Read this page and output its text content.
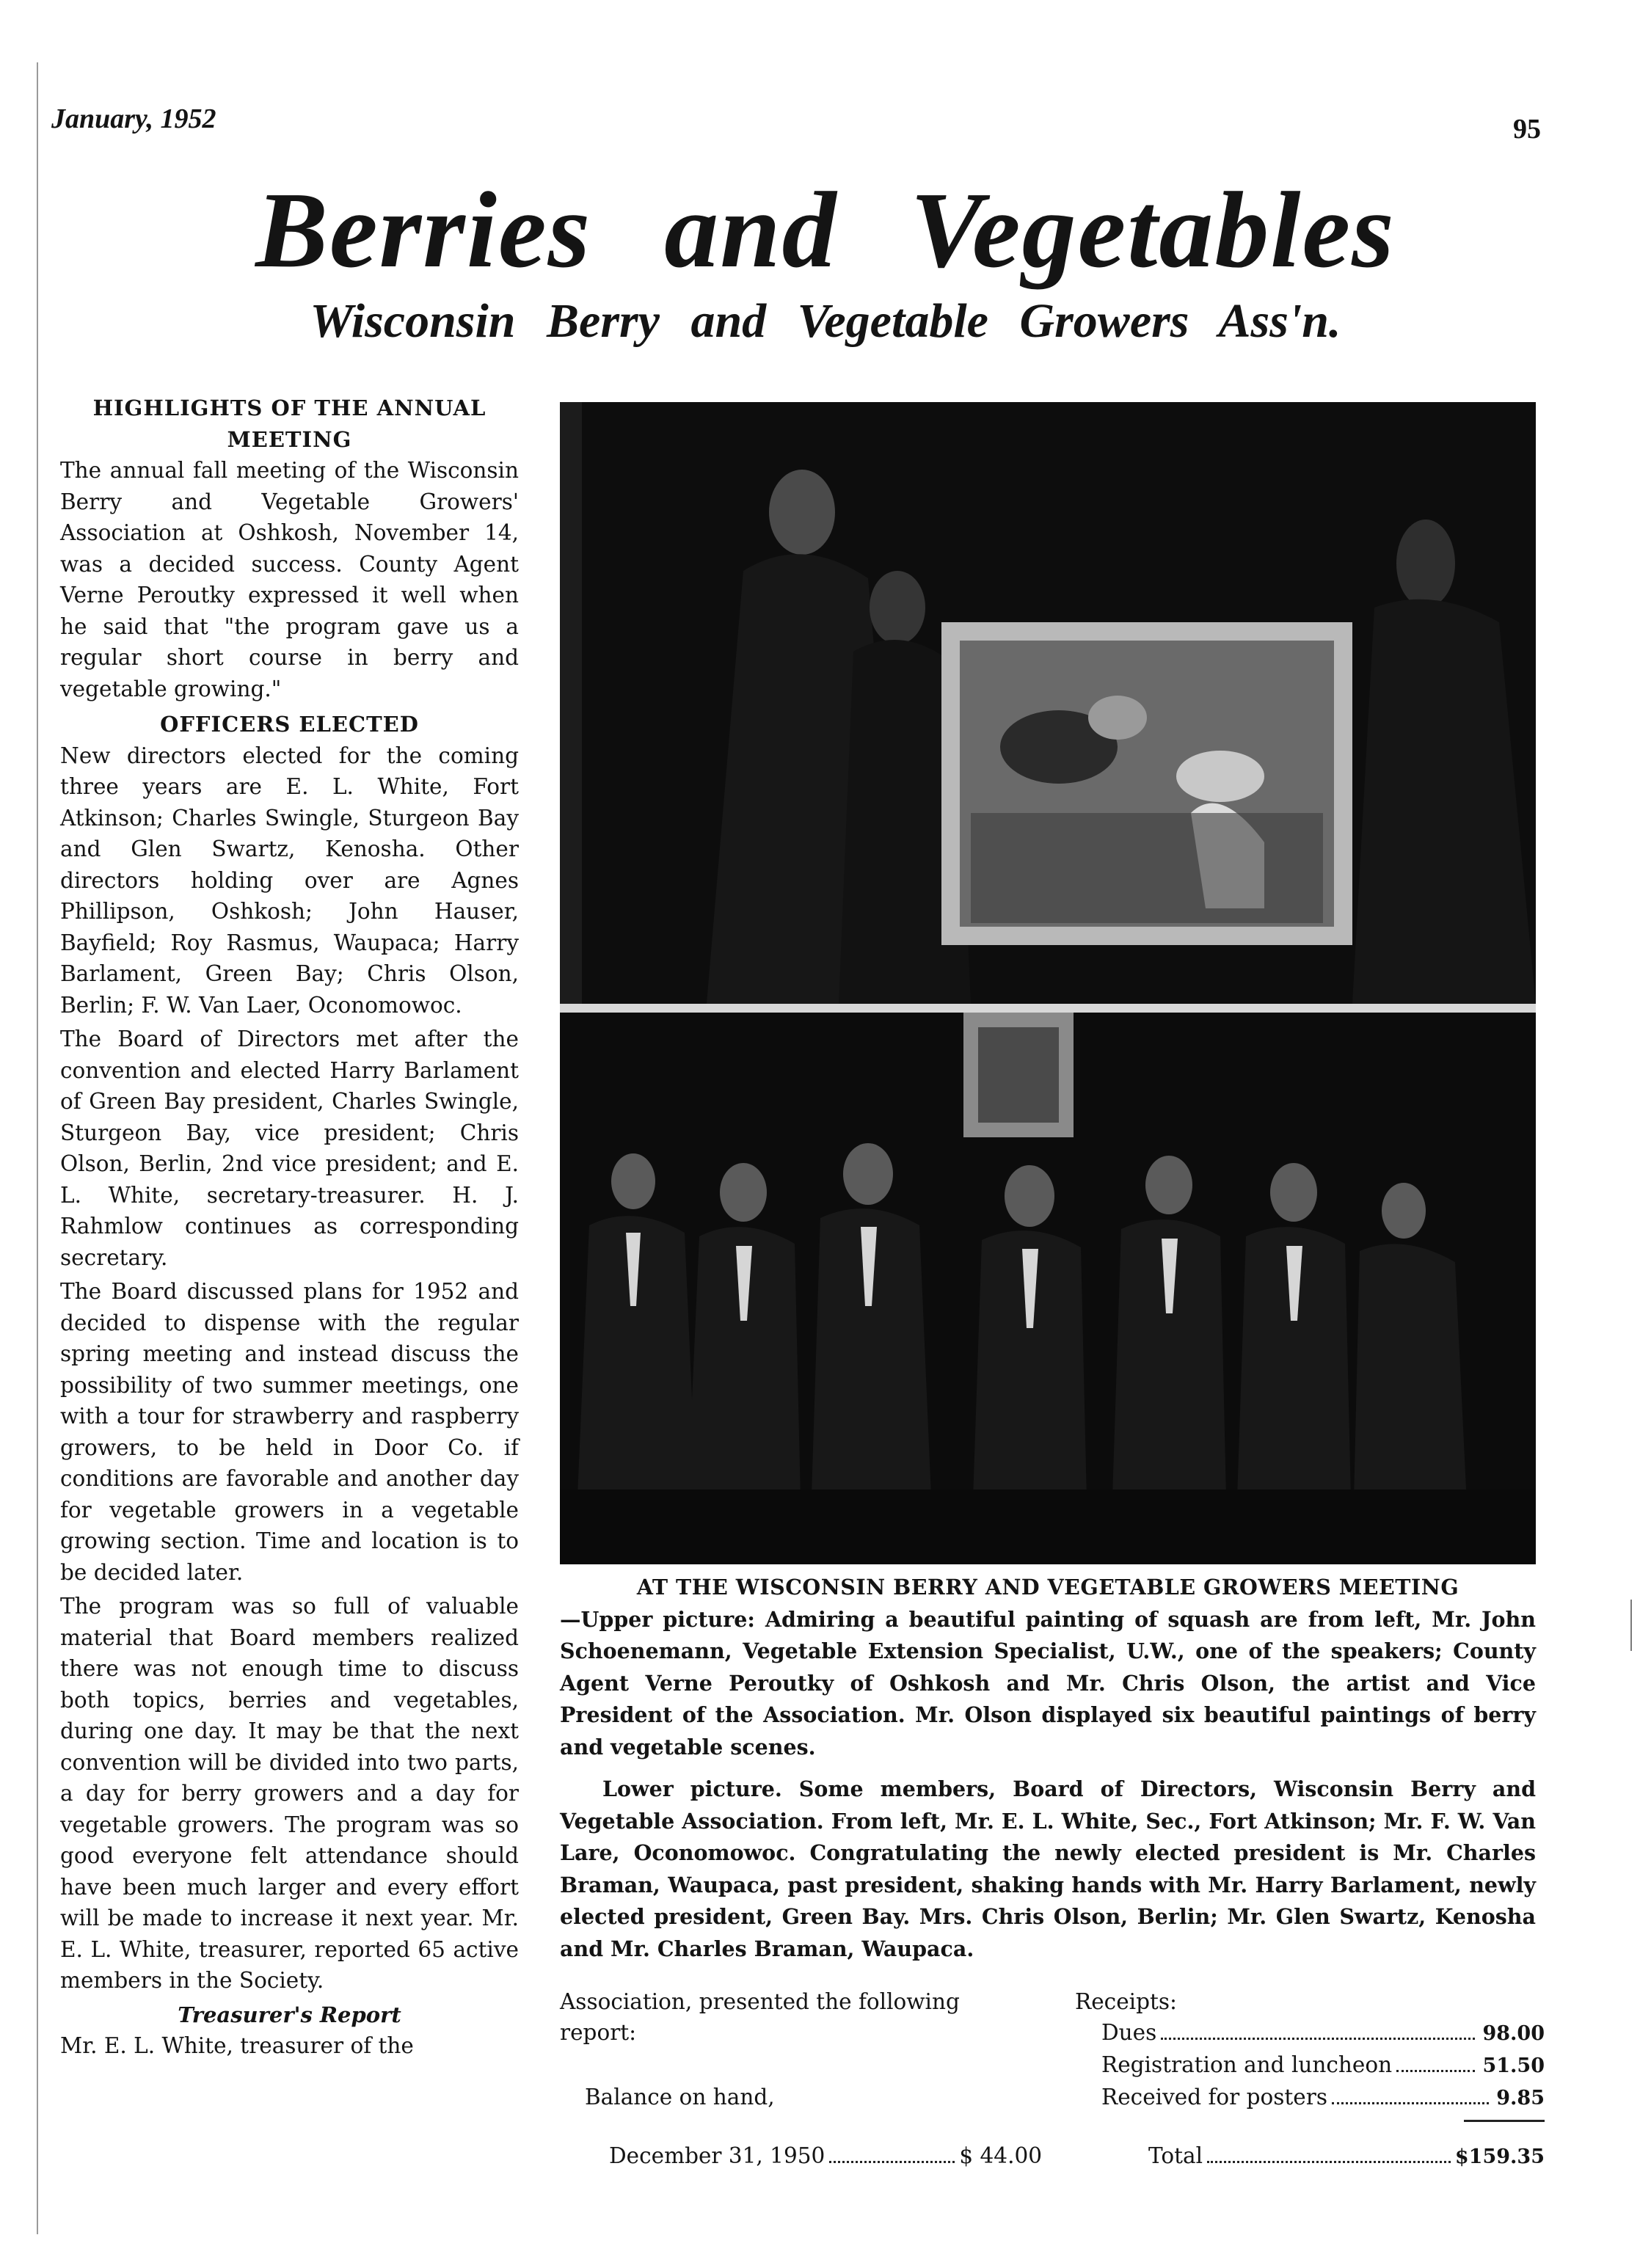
January, 1952	95
Berries and Vegetables
Wisconsin Berry and Vegetable Growers Ass'n.
HIGHLIGHTS OF THE ANNUAL MEETING

The annual fall meeting of the Wisconsin Berry and Vegetable Growers' Association at Oshkosh, November 14, was a decided success. County Agent Verne Peroutky expressed it well when he said that "the program gave us a regular short course in berry and vegetable growing."

OFFICERS ELECTED

New directors elected for the coming three years are E. L. White, Fort Atkinson; Charles Swingle, Sturgeon Bay and Glen Swartz, Kenosha. Other directors holding over are Agnes Phillipson, Oshkosh; John Hauser, Bayfield; Roy Rasmus, Waupaca; Harry Barlament, Green Bay; Chris Olson, Berlin; F. W. Van Laer, Oconomowoc.

The Board of Directors met after the convention and elected Harry Barlament of Green Bay president, Charles Swingle, Sturgeon Bay, vice president; Chris Olson, Berlin, 2nd vice president; and E. L. White, secretary-treasurer. H. J. Rahmlow continues as corresponding secretary.

The Board discussed plans for 1952 and decided to dispense with the regular spring meeting and instead discuss the possibility of two summer meetings, one with a tour for strawberry and raspberry growers, to be held in Door Co. if conditions are favorable and another day for vegetable growers in a vegetable growing section. Time and location is to be decided later.

The program was so full of valuable material that Board members realized there was not enough time to discuss both topics, berries and vegetables, during one day. It may be that the next convention will be divided into two parts, a day for berry growers and a day for vegetable growers. The program was so good everyone felt attendance should have been much larger and every effort will be made to increase it next year. Mr. E. L. White, treasurer, reported 65 active members in the Society.

Treasurer's Report

Mr. E. L. White, treasurer of the

AT THE WISCONSIN BERRY AND VEGETABLE GROWERS MEETING

—Upper picture: Admiring a beautiful painting of squash are from left, Mr. John Schoenemann, Vegetable Extension Specialist, U.W., one of the speakers; County Agent Verne Peroutky of Oshkosh and Mr. Chris Olson, the artist and Vice President of the Association. Mr. Olson displayed six beautiful paintings of berry and vegetable scenes.

Lower picture. Some members, Board of Directors, Wisconsin Berry and Vegetable Association. From left, Mr. E. L. White, Sec., Fort Atkinson; Mr. F. W. Van Lare, Oconomowoc. Congratulating the newly elected president is Mr. Charles Braman, Waupaca, past president, shaking hands with Mr. Harry Barlament, newly elected president, Green Bay. Mrs. Chris Olson, Berlin; Mr. Glen Swartz, Kenosha and Mr. Charles Braman, Waupaca.

Association, presented the following
report:
Balance on hand,
December 31, 1950	$ 44.00
Receipts:
Dues	98.00
Registration and luncheon	51.50
Received for posters	9.85
Total	$159.35
